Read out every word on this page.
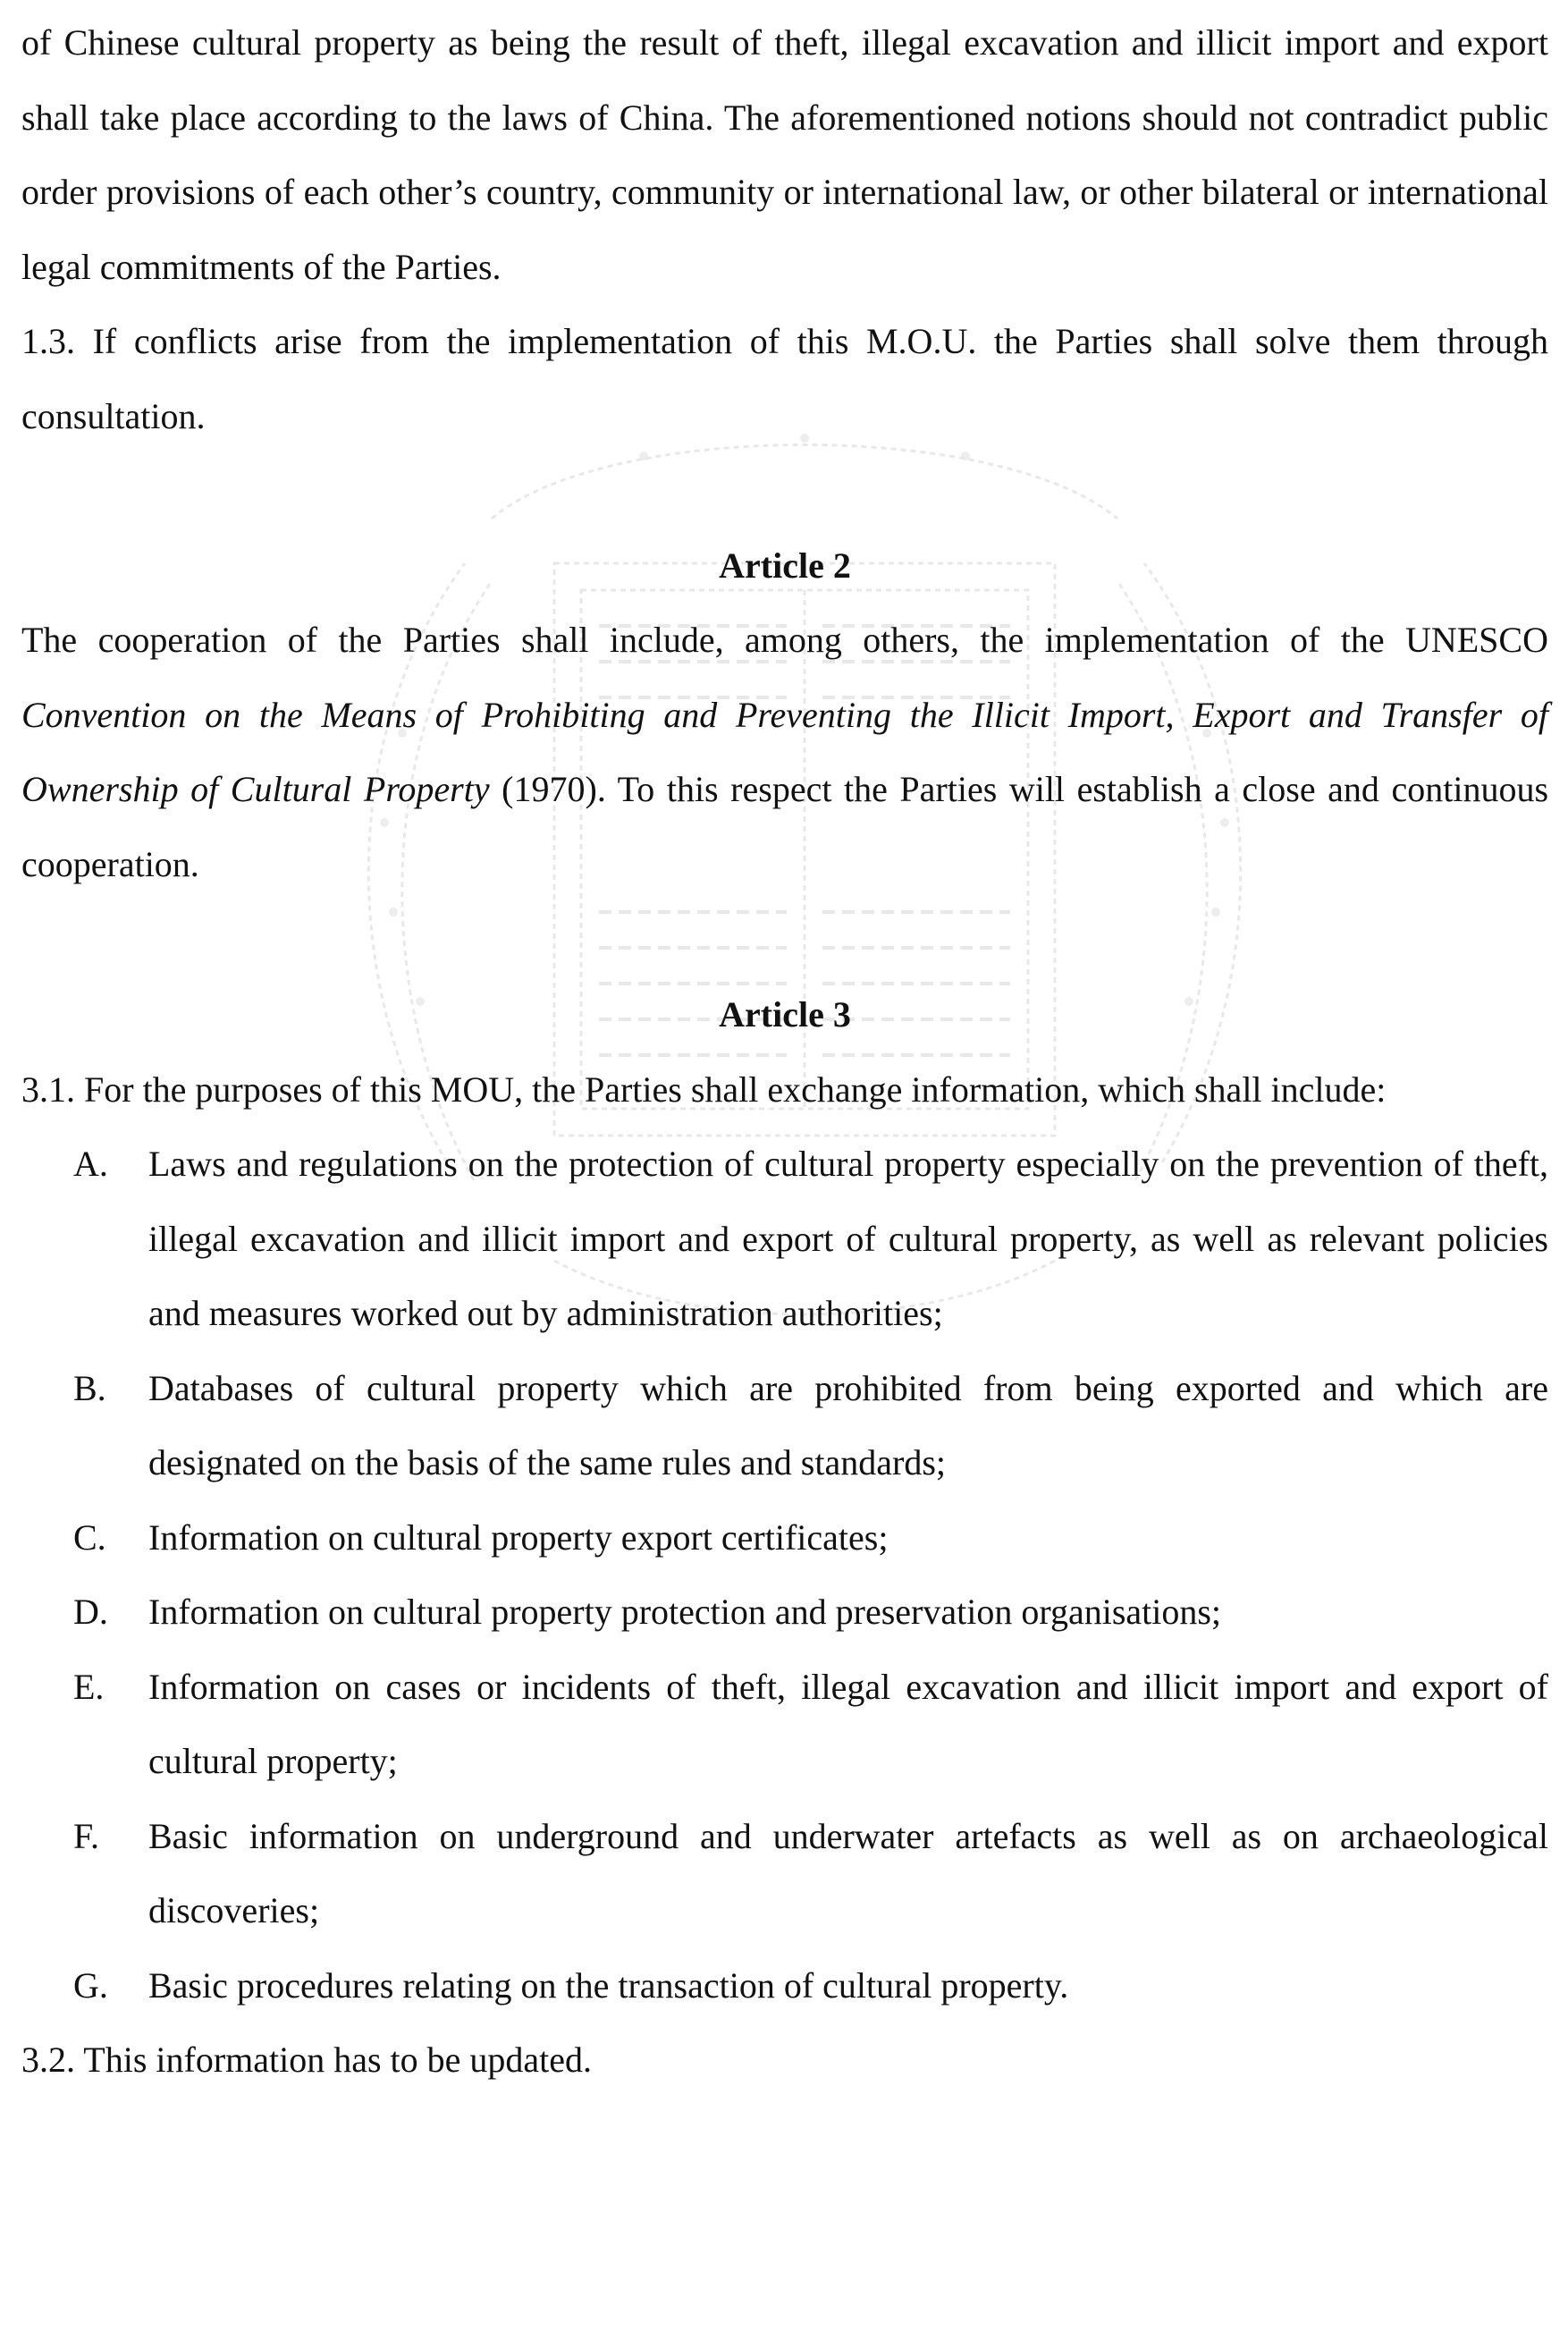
of Chinese cultural property as being the result of theft, illegal excavation and illicit import and export shall take place according to the laws of China. The aforementioned notions should not contradict public order provisions of each other’s country, community or international law, or other bilateral or international legal commitments of the Parties.

1.3. If conflicts arise from the implementation of this M.O.U. the Parties shall solve them through consultation.

Article 2

The cooperation of the Parties shall include, among others, the implementation of the UNESCO Convention on the Means of Prohibiting and Preventing the Illicit Import, Export and Transfer of Ownership of Cultural Property (1970). To this respect the Parties will establish a close and continuous cooperation.

Article 3

3.1. For the purposes of this MOU, the Parties shall exchange information, which shall include:

A. Laws and regulations on the protection of cultural property especially on the prevention of theft, illegal excavation and illicit import and export of cultural property, as well as relevant policies and measures worked out by administration authorities;
B. Databases of cultural property which are prohibited from being exported and which are designated on the basis of the same rules and standards;
C. Information on cultural property export certificates;
D. Information on cultural property protection and preservation organisations;
E. Information on cases or incidents of theft, illegal excavation and illicit import and export of cultural property;
F. Basic information on underground and underwater artefacts as well as on archaeological discoveries;
G. Basic procedures relating on the transaction of cultural property.

3.2. This information has to be updated.
